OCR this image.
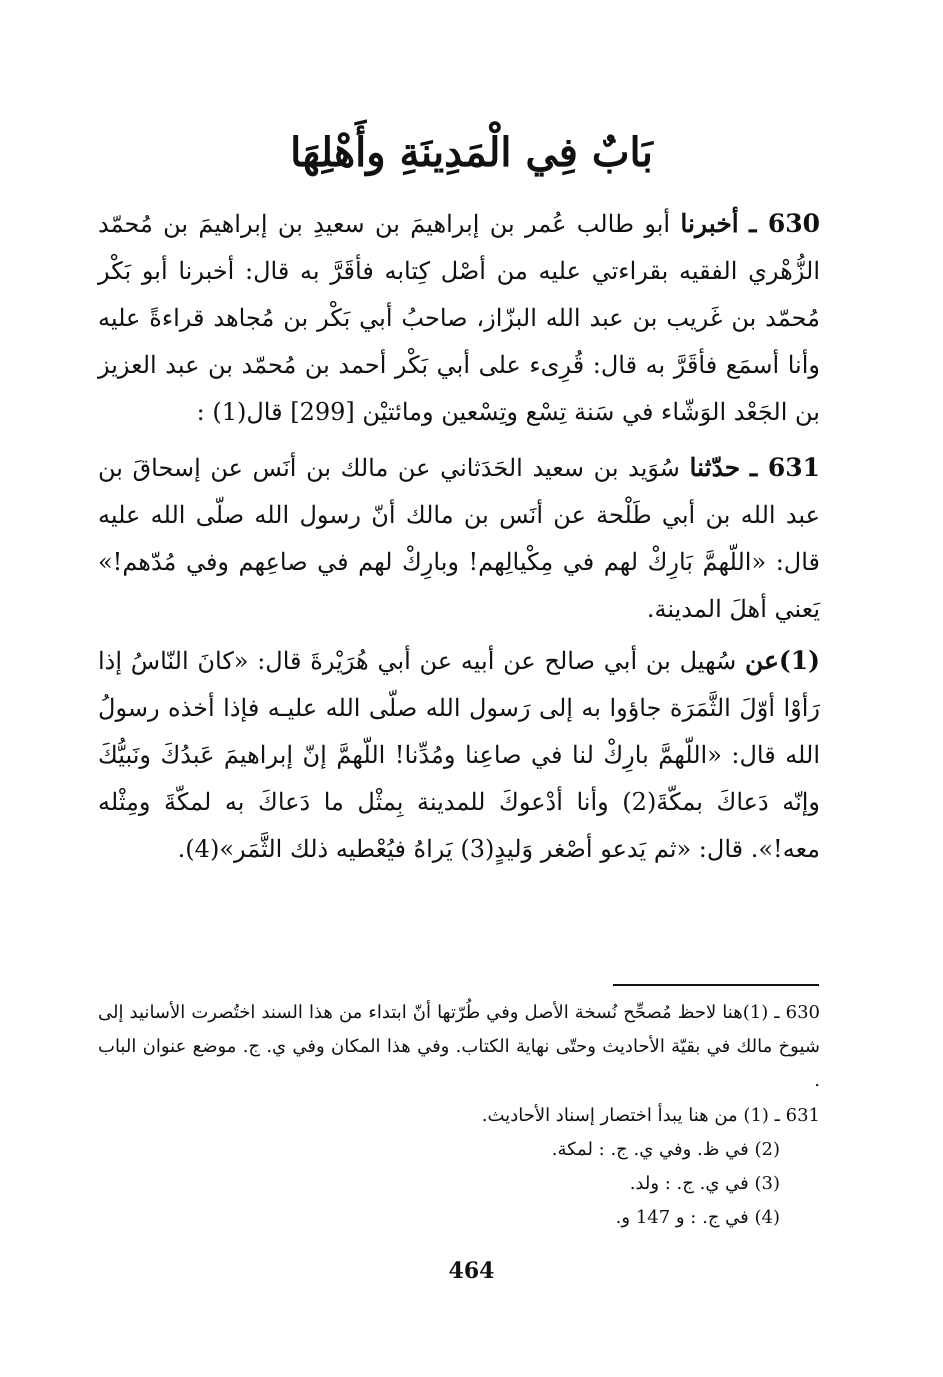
بَابٌ فِي الْمَدِينَةِ وأَهْلِهَا
630 ـ أخبرنا أبو طالب عُمر بن إبراهيمَ بن سعيدِ بن إبراهيمَ بن مُحمّد الزُّهْري الفقيه بقراءتي عليه من أصْل كِتابه فأقَرَّ به قال: أخبرنا أبو بَكْر مُحمّد بن غَريب بن عبد الله البزّاز، صاحبُ أبي بَكْر بن مُجاهد قراءةً عليه وأنا أسمَع فأقَرَّ به قال: قُرِىء على أبي بَكْر أحمد بن مُحمّد بن عبد العزيز بن الجَعْد الوَشّاء في سَنة تِسْع وتِسْعين ومائتيْن [299] قال(1) :
631 ـ حدّثنا سُوَيد بن سعيد الحَدَثاني عن مالك بن أنَس عن إسحاقَ بن عبد الله بن أبي طَلْحة عن أنَس بن مالك أنّ رسول الله صلّى الله عليه قال: «اللّهمَّ بَارِكْ لهم في مِكْيالِهم! وبارِكْ لهم في صاعِهم وفي مُدّهم!» يَعني أهلَ المدينة.
(1)عن سُهيل بن أبي صالح عن أبيه عن أبي هُرَيْرةَ قال: «كانَ النّاسُ إذا رَأوْا أوّلَ الثَّمَرَة جاؤوا به إلى رَسول الله صلّى الله عليـه فإذا أخذه رسولُ الله قال: «اللّهمَّ بارِكْ لنا في صاعِنا ومُدِّنا! اللّهمَّ إنّ إبراهيمَ عَبدُكَ ونَبيُّكَ وإنّه دَعاكَ بمكّةَ(2) وأنا أدْعوكَ للمدينة بِمثْل ما دَعاكَ به لمكّةَ ومِثْله معه!». قال: «ثم يَدعو أصْغر وَليدٍ(3) يَراهُ فيُعْطيه ذلك الثَّمَر»(4).
630 ـ (1)هنا لاحظ مُصحِّح نُسخة الأصل وفي طُرّتها أنّ ابتداء من هذا السند اختُصرت الأسانيد إلى شيوخ مالك في بقيّة الأحاديث وحتّى نهاية الكتاب. وفي هذا المكان وفي ي. ج. موضع عنوان الباب .
631 ـ (1) من هنا يبدأ اختصار إسناد الأحاديث.
(2) في ظ. وفي ي. ج. : لمكة.
(3) في ي. ج. : ولد.
(4) في ج. : و 147 و.
464
